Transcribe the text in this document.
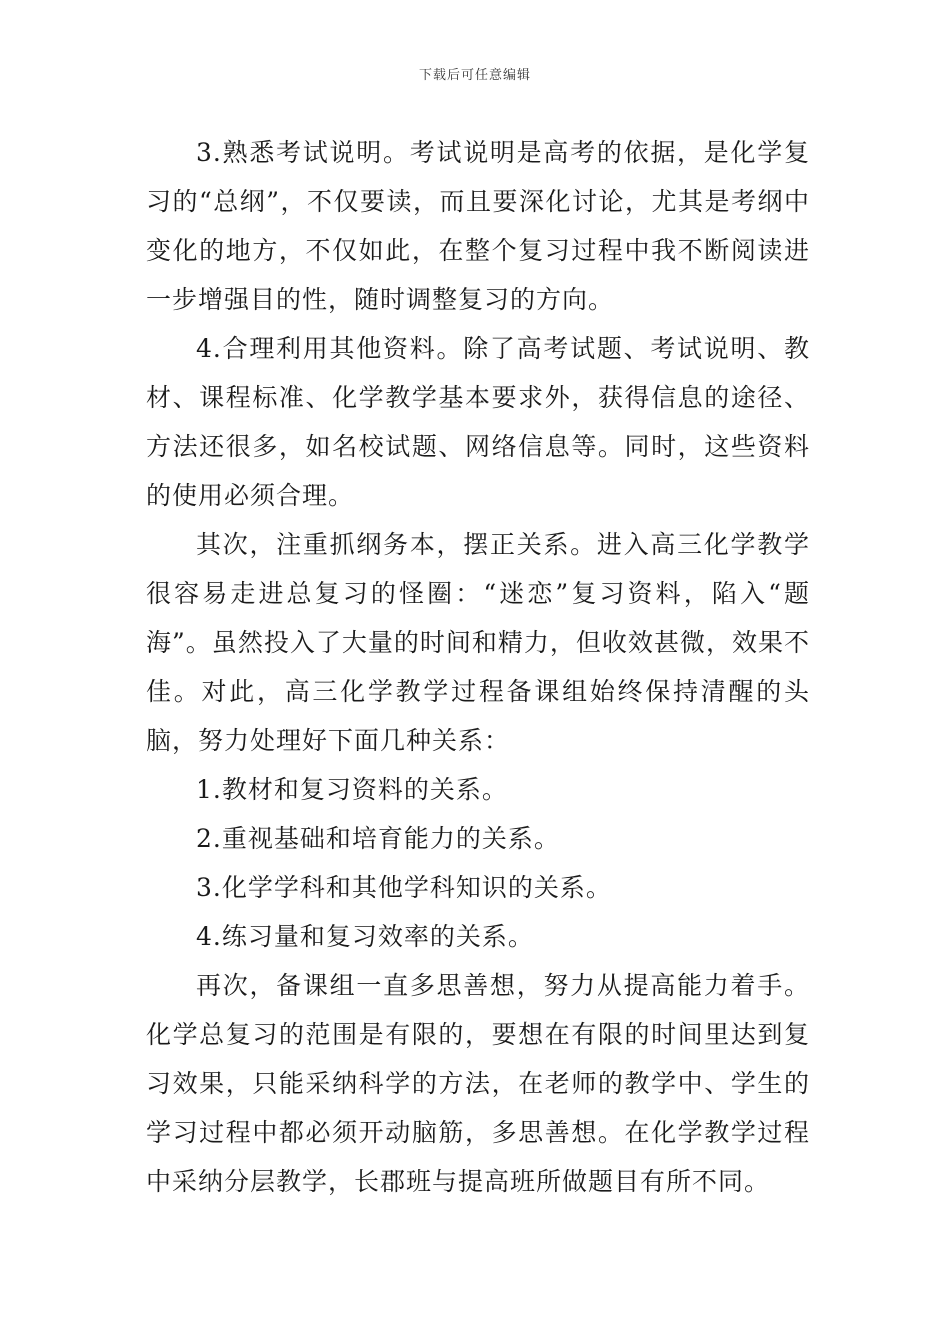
下载后可任意编辑

3.熟悉考试说明。考试说明是高考的依据，是化学复习的“总纲”，不仅要读，而且要深化讨论，尤其是考纲中变化的地方，不仅如此，在整个复习过程中我不断阅读进一步增强目的性，随时调整复习的方向。

4.合理利用其他资料。除了高考试题、考试说明、教材、课程标准、化学教学基本要求外，获得信息的途径、方法还很多，如名校试题、网络信息等。同时，这些资料的使用必须合理。

其次，注重抓纲务本，摆正关系。进入高三化学教学很容易走进总复习的怪圈：“迷恋”复习资料，陷入“题海”。虽然投入了大量的时间和精力，但收效甚微，效果不佳。对此，高三化学教学过程备课组始终保持清醒的头脑，努力处理好下面几种关系：

1.教材和复习资料的关系。

2.重视基础和培育能力的关系。

3.化学学科和其他学科知识的关系。

4.练习量和复习效率的关系。

再次，备课组一直多思善想，努力从提高能力着手。化学总复习的范围是有限的，要想在有限的时间里达到复习效果，只能采纳科学的方法，在老师的教学中、学生的学习过程中都必须开动脑筋，多思善想。在化学教学过程中采纳分层教学，长郡班与提高班所做题目有所不同。
